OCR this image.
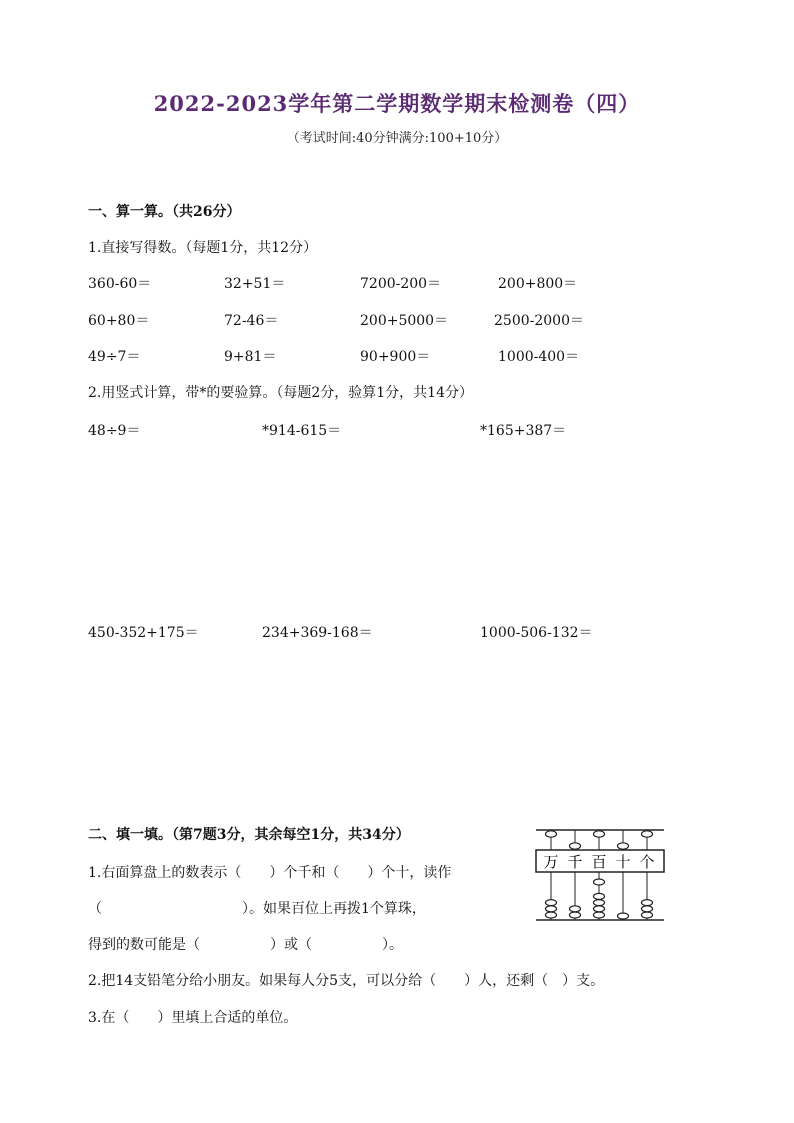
2022-2023学年第二学期数学期末检测卷（四）
（考试时间:40分钟满分:100+10分）
一、算一算。（共26分）
1.直接写得数。（每题1分，共12分）
360-60＝	32+51＝	7200-200＝	200+800＝
60+80＝	72-46＝	200+5000＝	2500-2000＝
49÷7＝	9+81＝	90+900＝	1000-400＝
2.用竖式计算，带*的要验算。（每题2分，验算1分，共14分）
48÷9＝	*914-615＝	*165+387＝
450-352+175＝	234+369-168＝	1000-506-132＝
二、填一填。（第7题3分，其余每空1分，共34分）
1.右面算盘上的数表示（　　）个千和（　　）个十，读作
（　　　　　　　　　　）。如果百位上再拨1个算珠，
得到的数可能是（　　　　　）或（　　　　　）。
2.把14支铅笔分给小朋友。如果每人分5支，可以分给（　　）人，还剩（　）支。
3.在（　　）里填上合适的单位。
万 千 百 十 个
